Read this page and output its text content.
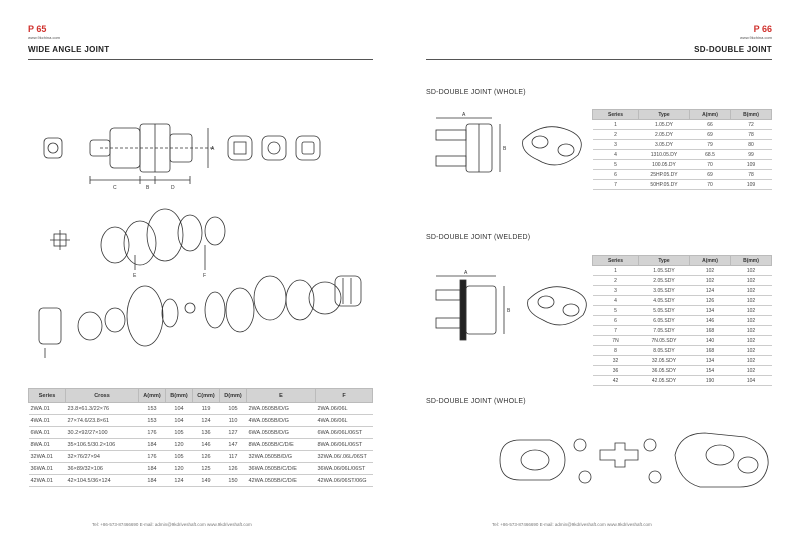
P 65
www.9kchina.com
WIDE ANGLE JOINT
A
C	B	D
E	F
Series	Cross	A(mm)	B(mm)	C(mm)	D(mm)	E	F
2WA.01	23.8×61.3/22×76	153	104	119	105	2WA.0505B/D/G	2WA.06/06L
4WA.01	27×74.6/23.8×61	153	104	124	110	4WA.0505B/D/G	4WA.06/06L
6WA.01	30.2×92/27×100	176	105	136	127	6WA.0505B/D/G	6WA.06/06L/06ST
8WA.01	35×106.5/30.2×106	184	120	146	147	8WA.0505B/C/D/E	8WA.06/06L/06ST
32WA.01	32×76/27×94	176	105	126	117	32WA.0505B/D/G	32WA.06/.06L/06ST
36WA.01	36×89/32×106	184	120	125	126	36WA.0505B/C/D/E	36WA.06/06L/06ST
42WA.01	42×104.5/36×124	184	124	149	150	42WA.0505B/C/D/E	42WA.06/06ST/06G
Tel: +86-573-87466690 E-mail: admin@9kdriveshaft.com www.9kdriveshaft.com
P 66
www.9kchina.com
SD-DOUBLE JOINT
SD-DOUBLE JOINT (WHOLE)
A
B
Series	Type	A(mm)	B(mm)
1	1.05.DY	66	72
2	2.05.DY	69	78
3	3.05.DY	79	80
4	1310.05.DY	68.5	99
5	100.05.DY	70	109
6	25HP.05.DY	69	78
7	50HP.05.DY	70	109
SD-DOUBLE JOINT (WELDED)
A
B
Series	Type	A(mm)	B(mm)
1	1.05.SDY	102	102
2	2.05.SDY	102	102
3	3.05.SDY	124	102
4	4.05.SDY	126	102
5	5.05.SDY	134	102
6	6.05.SDY	146	102
7	7.05.SDY	168	102
7N	7N.05.SDY	140	102
8	8.05.SDY	168	102
32	32.05.SDY	134	102
36	36.05.SDY	154	102
42	42.05.SDY	190	104
SD-DOUBLE JOINT (WHOLE)
Tel: +86-573-87466690 E-mail: admin@9kdriveshaft.com www.9kdriveshaft.com
